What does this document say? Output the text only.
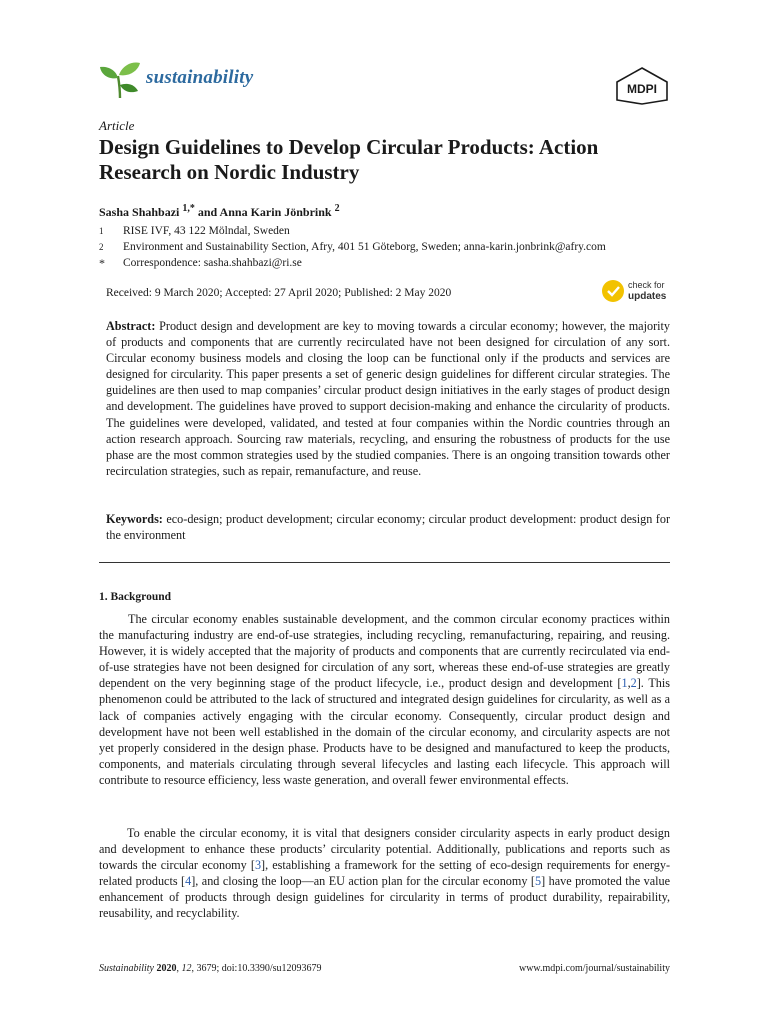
sustainability
MDPI
Article
Design Guidelines to Develop Circular Products: Action Research on Nordic Industry
Sasha Shahbazi $^{1,*}$ and Anna Karin Jönbrink $^2$
1 RISE IVF, 43 122 Mölndal, Sweden
2 Environment and Sustainability Section, Afry, 401 51 Göteborg, Sweden; anna-karin.jonbrink@afry.com
* Correspondence: sasha.shahbazi@ri.se
Received: 9 March 2020; Accepted: 27 April 2020; Published: 2 May 2020
check for
updates
Abstract: Product design and development are key to moving towards a circular economy; however, the majority of products and components that are currently recirculated have not been designed for circulation of any sort. Circular economy business models and closing the loop can be functional only if the products and services are designed for circularity. This paper presents a set of generic design guidelines for different circular strategies. The guidelines are then used to map companies’ circular product design initiatives in the early stages of product design and development. The guidelines have proved to support decision-making and enhance the circularity of products. The guidelines were developed, validated, and tested at four companies within the Nordic countries through an action research approach. Sourcing raw materials, recycling, and ensuring the robustness of products for the use phase are the most common strategies used by the studied companies. There is an ongoing transition towards other recirculation strategies, such as repair, remanufacture, and reuse.
Keywords: eco-design; product development; circular economy; circular product development: product design for the environment
1. Background
The circular economy enables sustainable development, and the common circular economy practices within the manufacturing industry are end-of-use strategies, including recycling, remanufacturing, repairing, and reusing. However, it is widely accepted that the majority of products and components that are currently recirculated via end-of-use strategies have not been designed for circulation of any sort, whereas these end-of-use strategies are greatly dependent on the very beginning stage of the product lifecycle, i.e., product design and development [1,2]. This phenomenon could be attributed to the lack of structured and integrated design guidelines for circularity, as well as a lack of companies actively engaging with the circular economy. Consequently, circular product design and development have not been well established in the domain of the circular economy, and circularity aspects are not yet properly considered in the design phase. Products have to be designed and manufactured to keep the products, components, and materials circulating through several lifecycles and lasting each lifecycle. This approach will contribute to resource efficiency, less waste generation, and overall fewer environmental effects.
To enable the circular economy, it is vital that designers consider circularity aspects in early product design and development to enhance these products’ circularity potential. Additionally, publications and reports such as towards the circular economy [3], establishing a framework for the setting of eco-design requirements for energy-related products [4], and closing the loop—an EU action plan for the circular economy [5] have promoted the value enhancement of products through design guidelines for circularity in terms of product durability, repairability, reusability, and recyclability.
Sustainability 2020, 12, 3679; doi:10.3390/su12093679	www.mdpi.com/journal/sustainability
